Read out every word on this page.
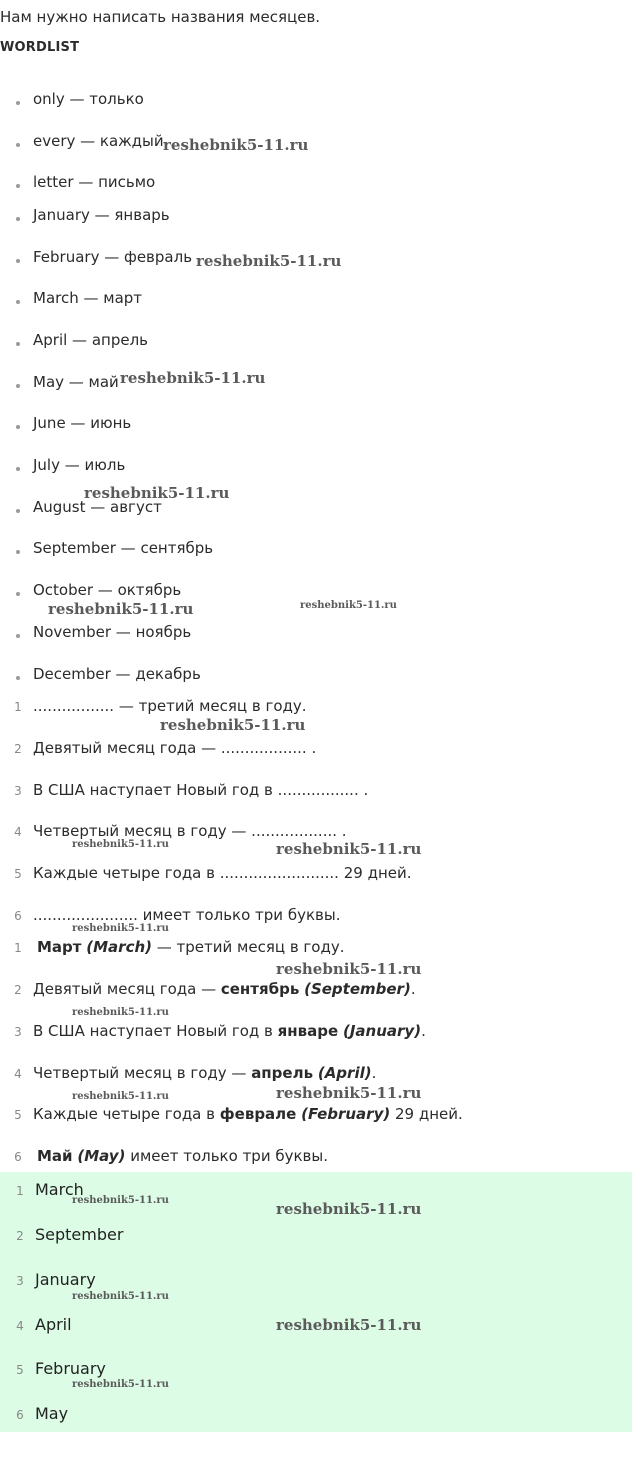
Нам нужно написать названия месяцев.
WORDLIST
only — только
every — каждый
letter — письмо
January — январь
February — февраль
March — март
April — апрель
May — май
June — июнь
July — июль
August — август
September — сентябрь
October — октябрь
November — ноябрь
December — декабрь
1 ................. — третий месяц в году.
2 Девятый месяц года — .................. .
3 В США наступает Новый год в ................. .
4 Четвертый месяц в году — .................. .
5 Каждые четыре года в ......................... 29 дней.
6 ...................... имеет только три буквы.
1 Март (March) — третий месяц в году.
2 Девятый месяц года — сентябрь (September).
3 В США наступает Новый год в январе (January).
4 Четвертый месяц в году — апрель (April).
5 Каждые четыре года в феврале (February) 29 дней.
6 Май (May) имеет только три буквы.
1 March
2 September
3 January
4 April
5 February
6 May
reshebnik5-11.ru
reshebnik5-11.ru
reshebnik5-11.ru
reshebnik5-11.ru
reshebnik5-11.ru	reshebnik5-11.ru
reshebnik5-11.ru
reshebnik5-11.ru	reshebnik5-11.ru
reshebnik5-11.ru
reshebnik5-11.ru
reshebnik5-11.ru
reshebnik5-11.ru	reshebnik5-11.ru
reshebnik5-11.ru	reshebnik5-11.ru
reshebnik5-11.ru
reshebnik5-11.ru
reshebnik5-11.ru
